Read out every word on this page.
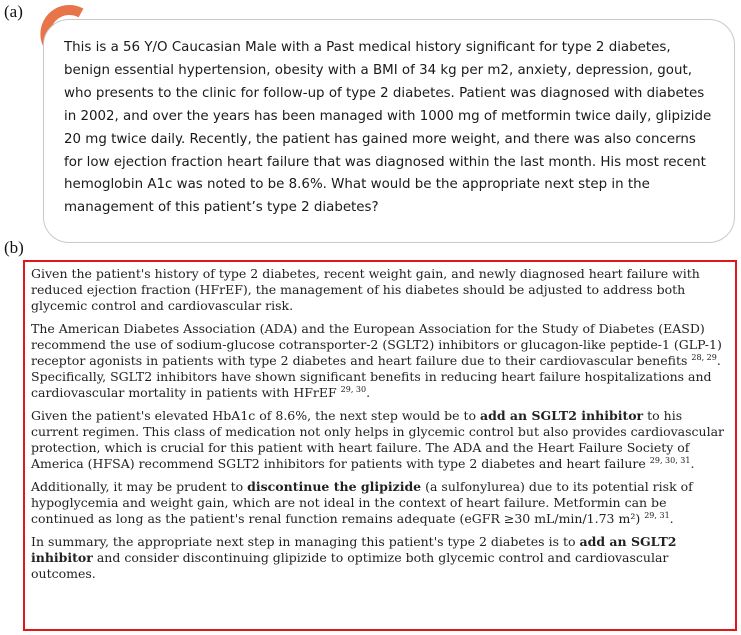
(a)

This is a 56 Y/O Caucasian Male with a Past medical history significant for type 2 diabetes, benign essential hypertension, obesity with a BMI of 34 kg per m2, anxiety, depression, gout, who presents to the clinic for follow-up of type 2 diabetes. Patient was diagnosed with diabetes in 2002, and over the years has been managed with 1000 mg of metformin twice daily, glipizide 20 mg twice daily. Recently, the patient has gained more weight, and there was also concerns for low ejection fraction heart failure that was diagnosed within the last month. His most recent hemoglobin A1c was noted to be 8.6%. What would be the appropriate next step in the management of this patient’s type 2 diabetes?

(b)

Given the patient's history of type 2 diabetes, recent weight gain, and newly diagnosed heart failure with reduced ejection fraction (HFrEF), the management of his diabetes should be adjusted to address both glycemic control and cardiovascular risk.

The American Diabetes Association (ADA) and the European Association for the Study of Diabetes (EASD) recommend the use of sodium-glucose cotransporter-2 (SGLT2) inhibitors or glucagon-like peptide-1 (GLP-1) receptor agonists in patients with type 2 diabetes and heart failure due to their cardiovascular benefits $^{28, 29}$. Specifically, SGLT2 inhibitors have shown significant benefits in reducing heart failure hospitalizations and cardiovascular mortality in patients with HFrEF $^{29, 30}$.

Given the patient's elevated HbA1c of 8.6%, the next step would be to add an SGLT2 inhibitor to his current regimen. This class of medication not only helps in glycemic control but also provides cardiovascular protection, which is crucial for this patient with heart failure. The ADA and the Heart Failure Society of America (HFSA) recommend SGLT2 inhibitors for patients with type 2 diabetes and heart failure $^{29, 30, 31}$.

Additionally, it may be prudent to discontinue the glipizide (a sulfonylurea) due to its potential risk of hypoglycemia and weight gain, which are not ideal in the context of heart failure. Metformin can be continued as long as the patient's renal function remains adequate (eGFR ≥30 mL/min/1.73 m²) $^{29, 31}$.

In summary, the appropriate next step in managing this patient's type 2 diabetes is to add an SGLT2 inhibitor and consider discontinuing glipizide to optimize both glycemic control and cardiovascular outcomes.
